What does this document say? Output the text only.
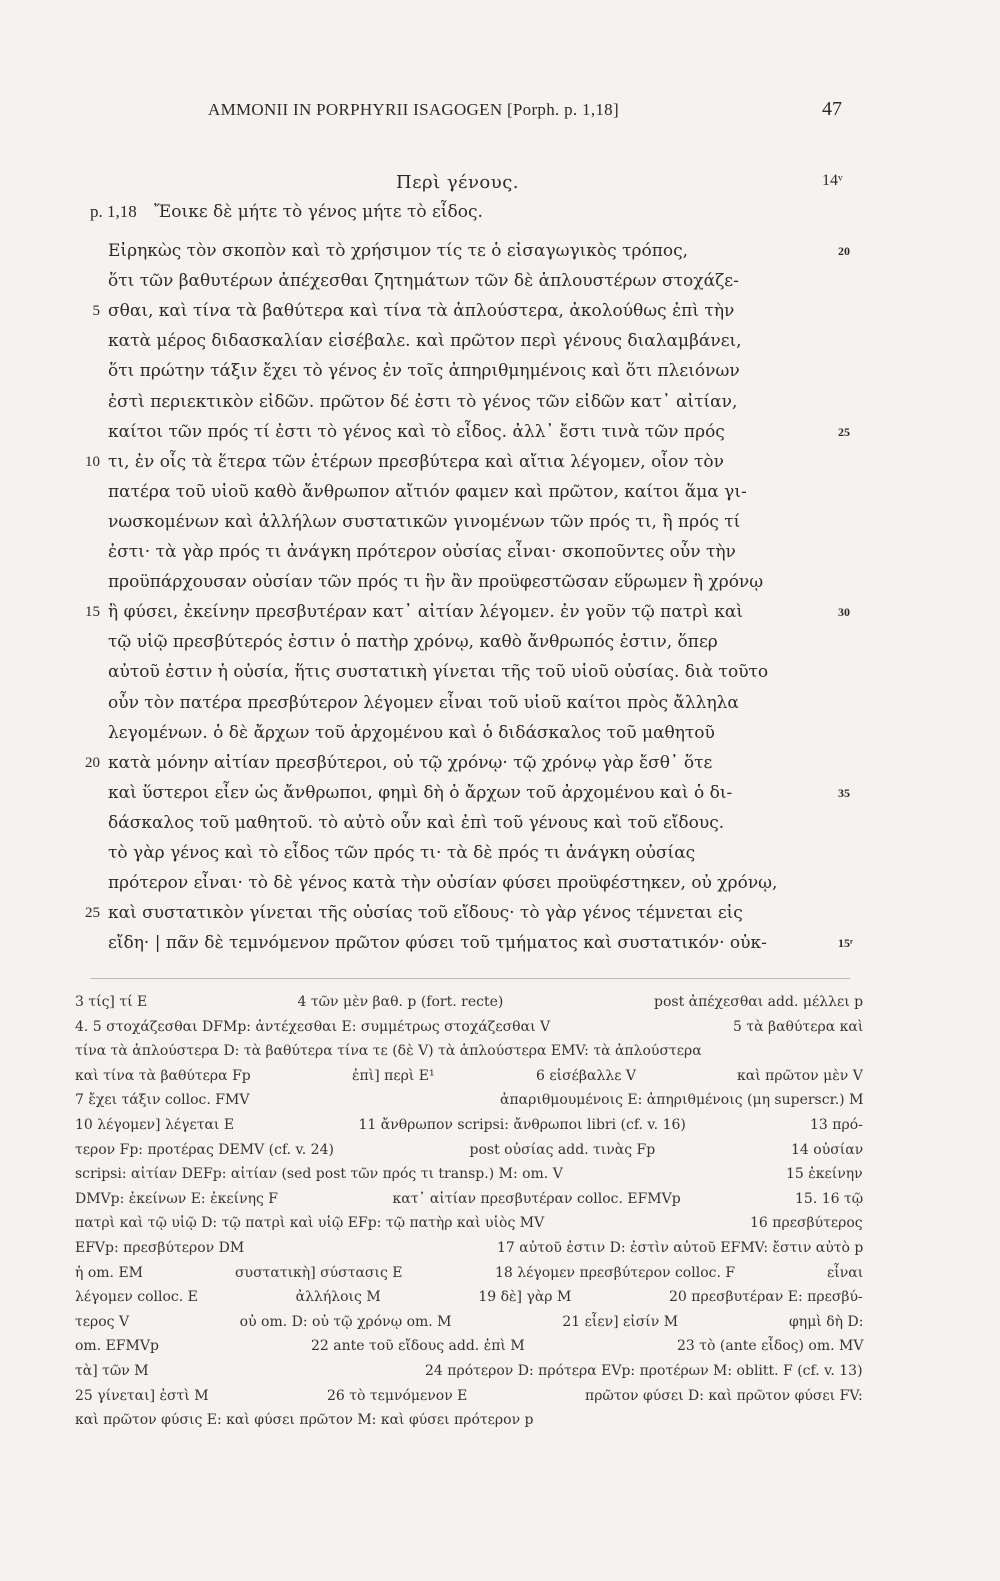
AMMONII IN PORPHYRII ISAGOGEN [Porph. p. 1,18]	47
Περὶ γένους.	14ᵛ
p. 1,18 Ἔοικε δὲ μήτε τὸ γένος μήτε τὸ εἶδος.
Εἰρηκὼς τὸν σκοπὸν καὶ τὸ χρήσιμον τίς τε ὁ εἰσαγωγικὸς τρόπος,	20
ὅτι τῶν βαθυτέρων ἀπέχεσθαι ζητημάτων τῶν δὲ ἁπλουστέρων στοχάζε-
5 σθαι, καὶ τίνα τὰ βαθύτερα καὶ τίνα τὰ ἁπλούστερα, ἀκολούθως ἐπὶ τὴν
κατὰ μέρος διδασκαλίαν εἰσέβαλε. καὶ πρῶτον περὶ γένους διαλαμβάνει,
ὅτι πρώτην τάξιν ἔχει τὸ γένος ἐν τοῖς ἀπηριθμημένοις καὶ ὅτι πλειόνων
ἐστὶ περιεκτικὸν εἰδῶν. πρῶτον δέ ἐστι τὸ γένος τῶν εἰδῶν κατ᾽ αἰτίαν,
καίτοι τῶν πρός τί ἐστι τὸ γένος καὶ τὸ εἶδος. ἀλλ᾽ ἔστι τινὰ τῶν πρός	25
10 τι, ἐν οἷς τὰ ἕτερα τῶν ἑτέρων πρεσβύτερα καὶ αἴτια λέγομεν, οἷον τὸν
πατέρα τοῦ υἱοῦ καθὸ ἄνθρωπον αἴτιόν φαμεν καὶ πρῶτον, καίτοι ἅμα γι-
νωσκομένων καὶ ἀλλήλων συστατικῶν γινομένων τῶν πρός τι, ἢ πρός τί
ἐστι· τὰ γὰρ πρός τι ἀνάγκη πρότερον οὐσίας εἶναι· σκοποῦντες οὖν τὴν
προϋπάρχουσαν οὐσίαν τῶν πρός τι ἣν ἂν προϋφεστῶσαν εὕρωμεν ἢ χρόνῳ
15 ἢ φύσει, ἐκείνην πρεσβυτέραν κατ᾽ αἰτίαν λέγομεν. ἐν γοῦν τῷ πατρὶ καὶ	30
τῷ υἱῷ πρεσβύτερός ἐστιν ὁ πατὴρ χρόνῳ, καθὸ ἄνθρωπός ἐστιν, ὅπερ
αὐτοῦ ἐστιν ἡ οὐσία, ἥτις συστατικὴ γίνεται τῆς τοῦ υἱοῦ οὐσίας. διὰ τοῦτο
οὖν τὸν πατέρα πρεσβύτερον λέγομεν εἶναι τοῦ υἱοῦ καίτοι πρὸς ἄλληλα
λεγομένων. ὁ δὲ ἄρχων τοῦ ἀρχομένου καὶ ὁ διδάσκαλος τοῦ μαθητοῦ
20 κατὰ μόνην αἰτίαν πρεσβύτεροι, οὐ τῷ χρόνῳ· τῷ χρόνῳ γὰρ ἔσθ᾽ ὅτε
καὶ ὕστεροι εἶεν ὡς ἄνθρωποι, φημὶ δὴ ὁ ἄρχων τοῦ ἀρχομένου καὶ ὁ δι-	35
δάσκαλος τοῦ μαθητοῦ. τὸ αὐτὸ οὖν καὶ ἐπὶ τοῦ γένους καὶ τοῦ εἴδους.
τὸ γὰρ γένος καὶ τὸ εἶδος τῶν πρός τι· τὰ δὲ πρός τι ἀνάγκη οὐσίας
πρότερον εἶναι· τὸ δὲ γένος κατὰ τὴν οὐσίαν φύσει προϋφέστηκεν, οὐ χρόνῳ,
25 καὶ συστατικὸν γίνεται τῆς οὐσίας τοῦ εἴδους· τὸ γὰρ γένος τέμνεται εἰς
εἴδη· | πᾶν δὲ τεμνόμενον πρῶτον φύσει τοῦ τμήματος καὶ συστατικόν· οὐκ-	15ʳ
3 τίς] τί E	4 τῶν μὲν βαθ. p (fort. recte)	post ἀπέχεσθαι add. μέλλει p
4. 5 στοχάζεσθαι DFMp: ἀντέχεσθαι E: συμμέτρως στοχάζεσθαι V	5 τὰ βαθύτερα καὶ
τίνα τὰ ἁπλούστερα D: τὰ βαθύτερα τίνα τε (δὲ V) τὰ ἁπλούστερα EMV: τὰ ἁπλούστερα
καὶ τίνα τὰ βαθύτερα Fp	ἐπὶ] περὶ E¹	6 εἰσέβαλλε V	καὶ πρῶτον μὲν V
7 ἔχει τάξιν colloc. FMV	ἀπαριθμουμένοις E: ἀπηριθμένοις (μη superscr.) M
10 λέγομεν] λέγεται E	11 ἄνθρωπον scripsi: ἄνθρωποι libri (cf. v. 16)	13 πρό-
τερον Fp: προτέρας DEMV (cf. v. 24)	post οὐσίας add. τινὰς Fp	14 οὐσίαν
scripsi: αἰτίαν DEFp: αἰτίαν (sed post τῶν πρός τι transp.) M: om. V	15 ἐκείνην
DMVp: ἐκείνων E: ἐκείνης F	κατ᾽ αἰτίαν πρεσβυτέραν colloc. EFMVp	15. 16 τῷ
πατρὶ καὶ τῷ υἱῷ D: τῷ πατρὶ καὶ υἱῷ EFp: τῷ πατὴρ καὶ υἱὸς MV	16 πρεσβύτερος
EFVp: πρεσβύτερον DM	17 αὐτοῦ ἐστιν D: ἐστὶν αὐτοῦ EFMV: ἔστιν αὐτὸ p
ἡ om. EM	συστατικὴ] σύστασις E	18 λέγομεν πρεσβύτερον colloc. F	εἶναι
λέγομεν colloc. E	ἀλλήλοις M	19 δὲ] γὰρ M	20 πρεσβυτέραν E: πρεσβύ-
τερος V	οὐ om. D: οὐ τῷ χρόνῳ om. M	21 εἶεν] εἰσίν M	φημὶ δὴ D:
om. EFMVp	22 ante τοῦ εἴδους add. ἐπὶ M	23 τὸ (ante εἶδος) om. MV
τὰ] τῶν M	24 πρότερον D: πρότερα EVp: προτέρων M: oblitt. F (cf. v. 13)
25 γίνεται] ἐστὶ M	26 τὸ τεμνόμενον E	πρῶτον φύσει D: καὶ πρῶτον φύσει FV:
καὶ πρῶτον φύσις E: καὶ φύσει πρῶτον M: καὶ φύσει πρότερον p
